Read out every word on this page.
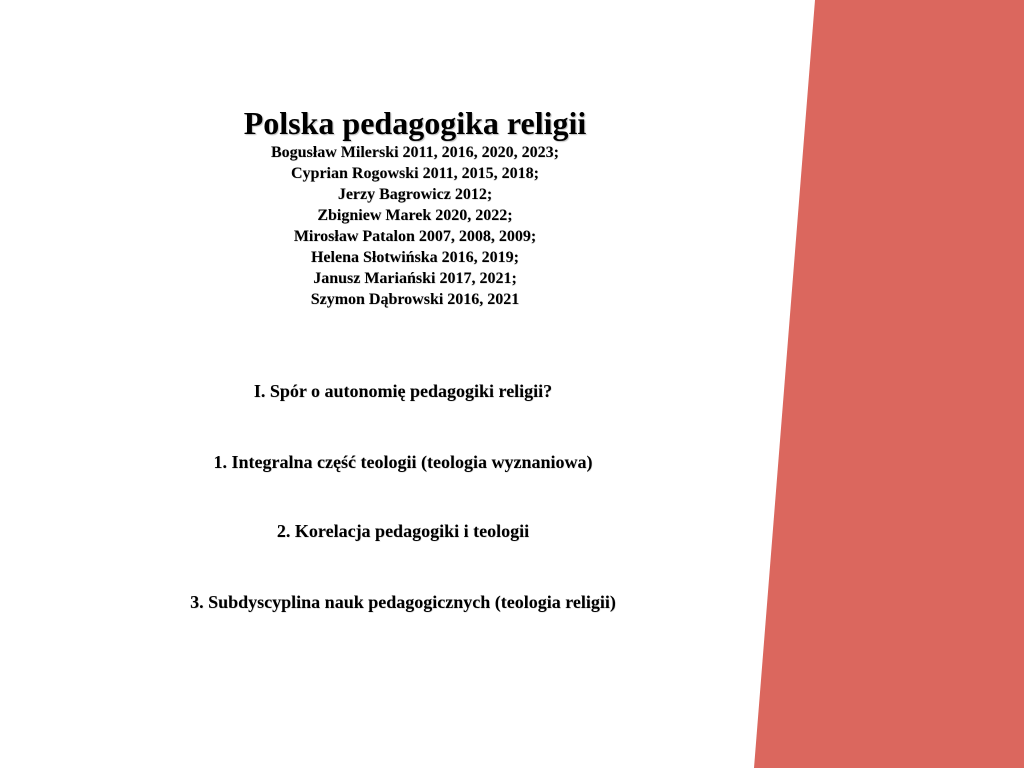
Polska pedagogika religii
Bogusław Milerski 2011, 2016, 2020, 2023;
Cyprian Rogowski 2011, 2015, 2018;
Jerzy Bagrowicz 2012;
Zbigniew Marek 2020, 2022;
Mirosław Patalon 2007, 2008, 2009;
Helena Słotwińska 2016, 2019;
Janusz Mariański 2017, 2021;
Szymon Dąbrowski 2016, 2021
I. Spór o autonomię pedagogiki religii?
1. Integralna część teologii (teologia wyznaniowa)
2. Korelacja pedagogiki i teologii
3. Subdyscyplina nauk pedagogicznych (teologia religii)
